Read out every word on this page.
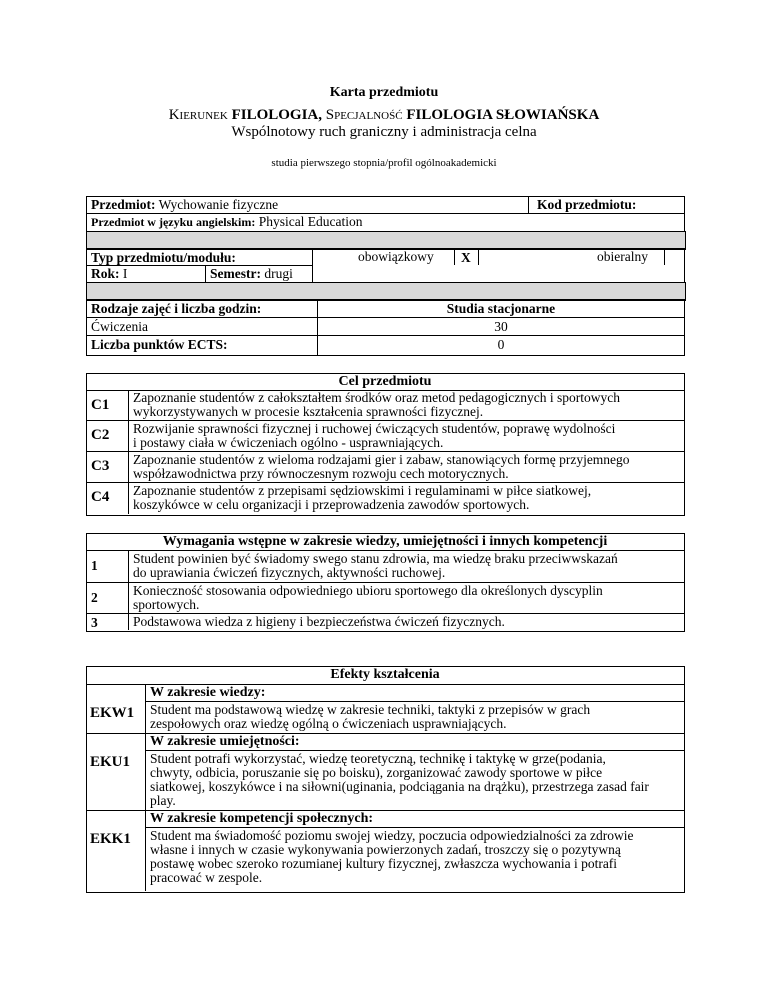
Karta przedmiotu
Kierunek FILOLOGIA, Specjalność FILOLOGIA SŁOWIAŃSKA
Wspólnotowy ruch graniczny i administracja celna
studia pierwszego stopnia/profil ogólnoakademicki
Przedmiot: Wychowanie fizyczne	Kod przedmiotu:
Przedmiot w języku angielskim: Physical Education
Typ przedmiotu/modułu:	obowiązkowy X	obieralny
Rok: I	Semestr: drugi
Rodzaje zajęć i liczba godzin:	Studia stacjonarne
Ćwiczenia	30
Liczba punktów ECTS:	0
Cel przedmiotu
C1 Zapoznanie studentów z całokształtem środków oraz metod pedagogicznych i sportowych
wykorzystywanych w procesie kształcenia sprawności fizycznej.
C2 Rozwijanie sprawności fizycznej i ruchowej ćwiczących studentów, poprawę wydolności
i postawy ciała w ćwiczeniach ogólno - usprawniających.
C3 Zapoznanie studentów z wieloma rodzajami gier i zabaw, stanowiących formę przyjemnego
współzawodnictwa przy równoczesnym rozwoju cech motorycznych.
C4 Zapoznanie studentów z przepisami sędziowskimi i regulaminami w piłce siatkowej,
koszykówce w celu organizacji i przeprowadzenia zawodów sportowych.
Wymagania wstępne w zakresie wiedzy, umiejętności i innych kompetencji
1	Student powinien być świadomy swego stanu zdrowia, ma wiedzę braku przeciwwskazań
do uprawiania ćwiczeń fizycznych, aktywności ruchowej.
2	Konieczność stosowania odpowiedniego ubioru sportowego dla określonych dyscyplin
sportowych.
3	Podstawowa wiedza z higieny i bezpieczeństwa ćwiczeń fizycznych.
Efekty kształcenia
W zakresie wiedzy:
EKW1 Student ma podstawową wiedzę w zakresie techniki, taktyki z przepisów w grach
zespołowych oraz wiedzę ogólną o ćwiczeniach usprawniających.
W zakresie umiejętności:
EKU1 Student potrafi wykorzystać, wiedzę teoretyczną, technikę i taktykę w grze(podania,
chwyty, odbicia, poruszanie się po boisku), zorganizować zawody sportowe w piłce
siatkowej, koszykówce i na siłowni(uginania, podciągania na drążku), przestrzega zasad fair
play.
W zakresie kompetencji społecznych:
EKK1 Student ma świadomość poziomu swojej wiedzy, poczucia odpowiedzialności za zdrowie
własne i innych w czasie wykonywania powierzonych zadań, troszczy się o pozytywną
postawę wobec szeroko rozumianej kultury fizycznej, zwłaszcza wychowania i potrafi
pracować w zespole.
